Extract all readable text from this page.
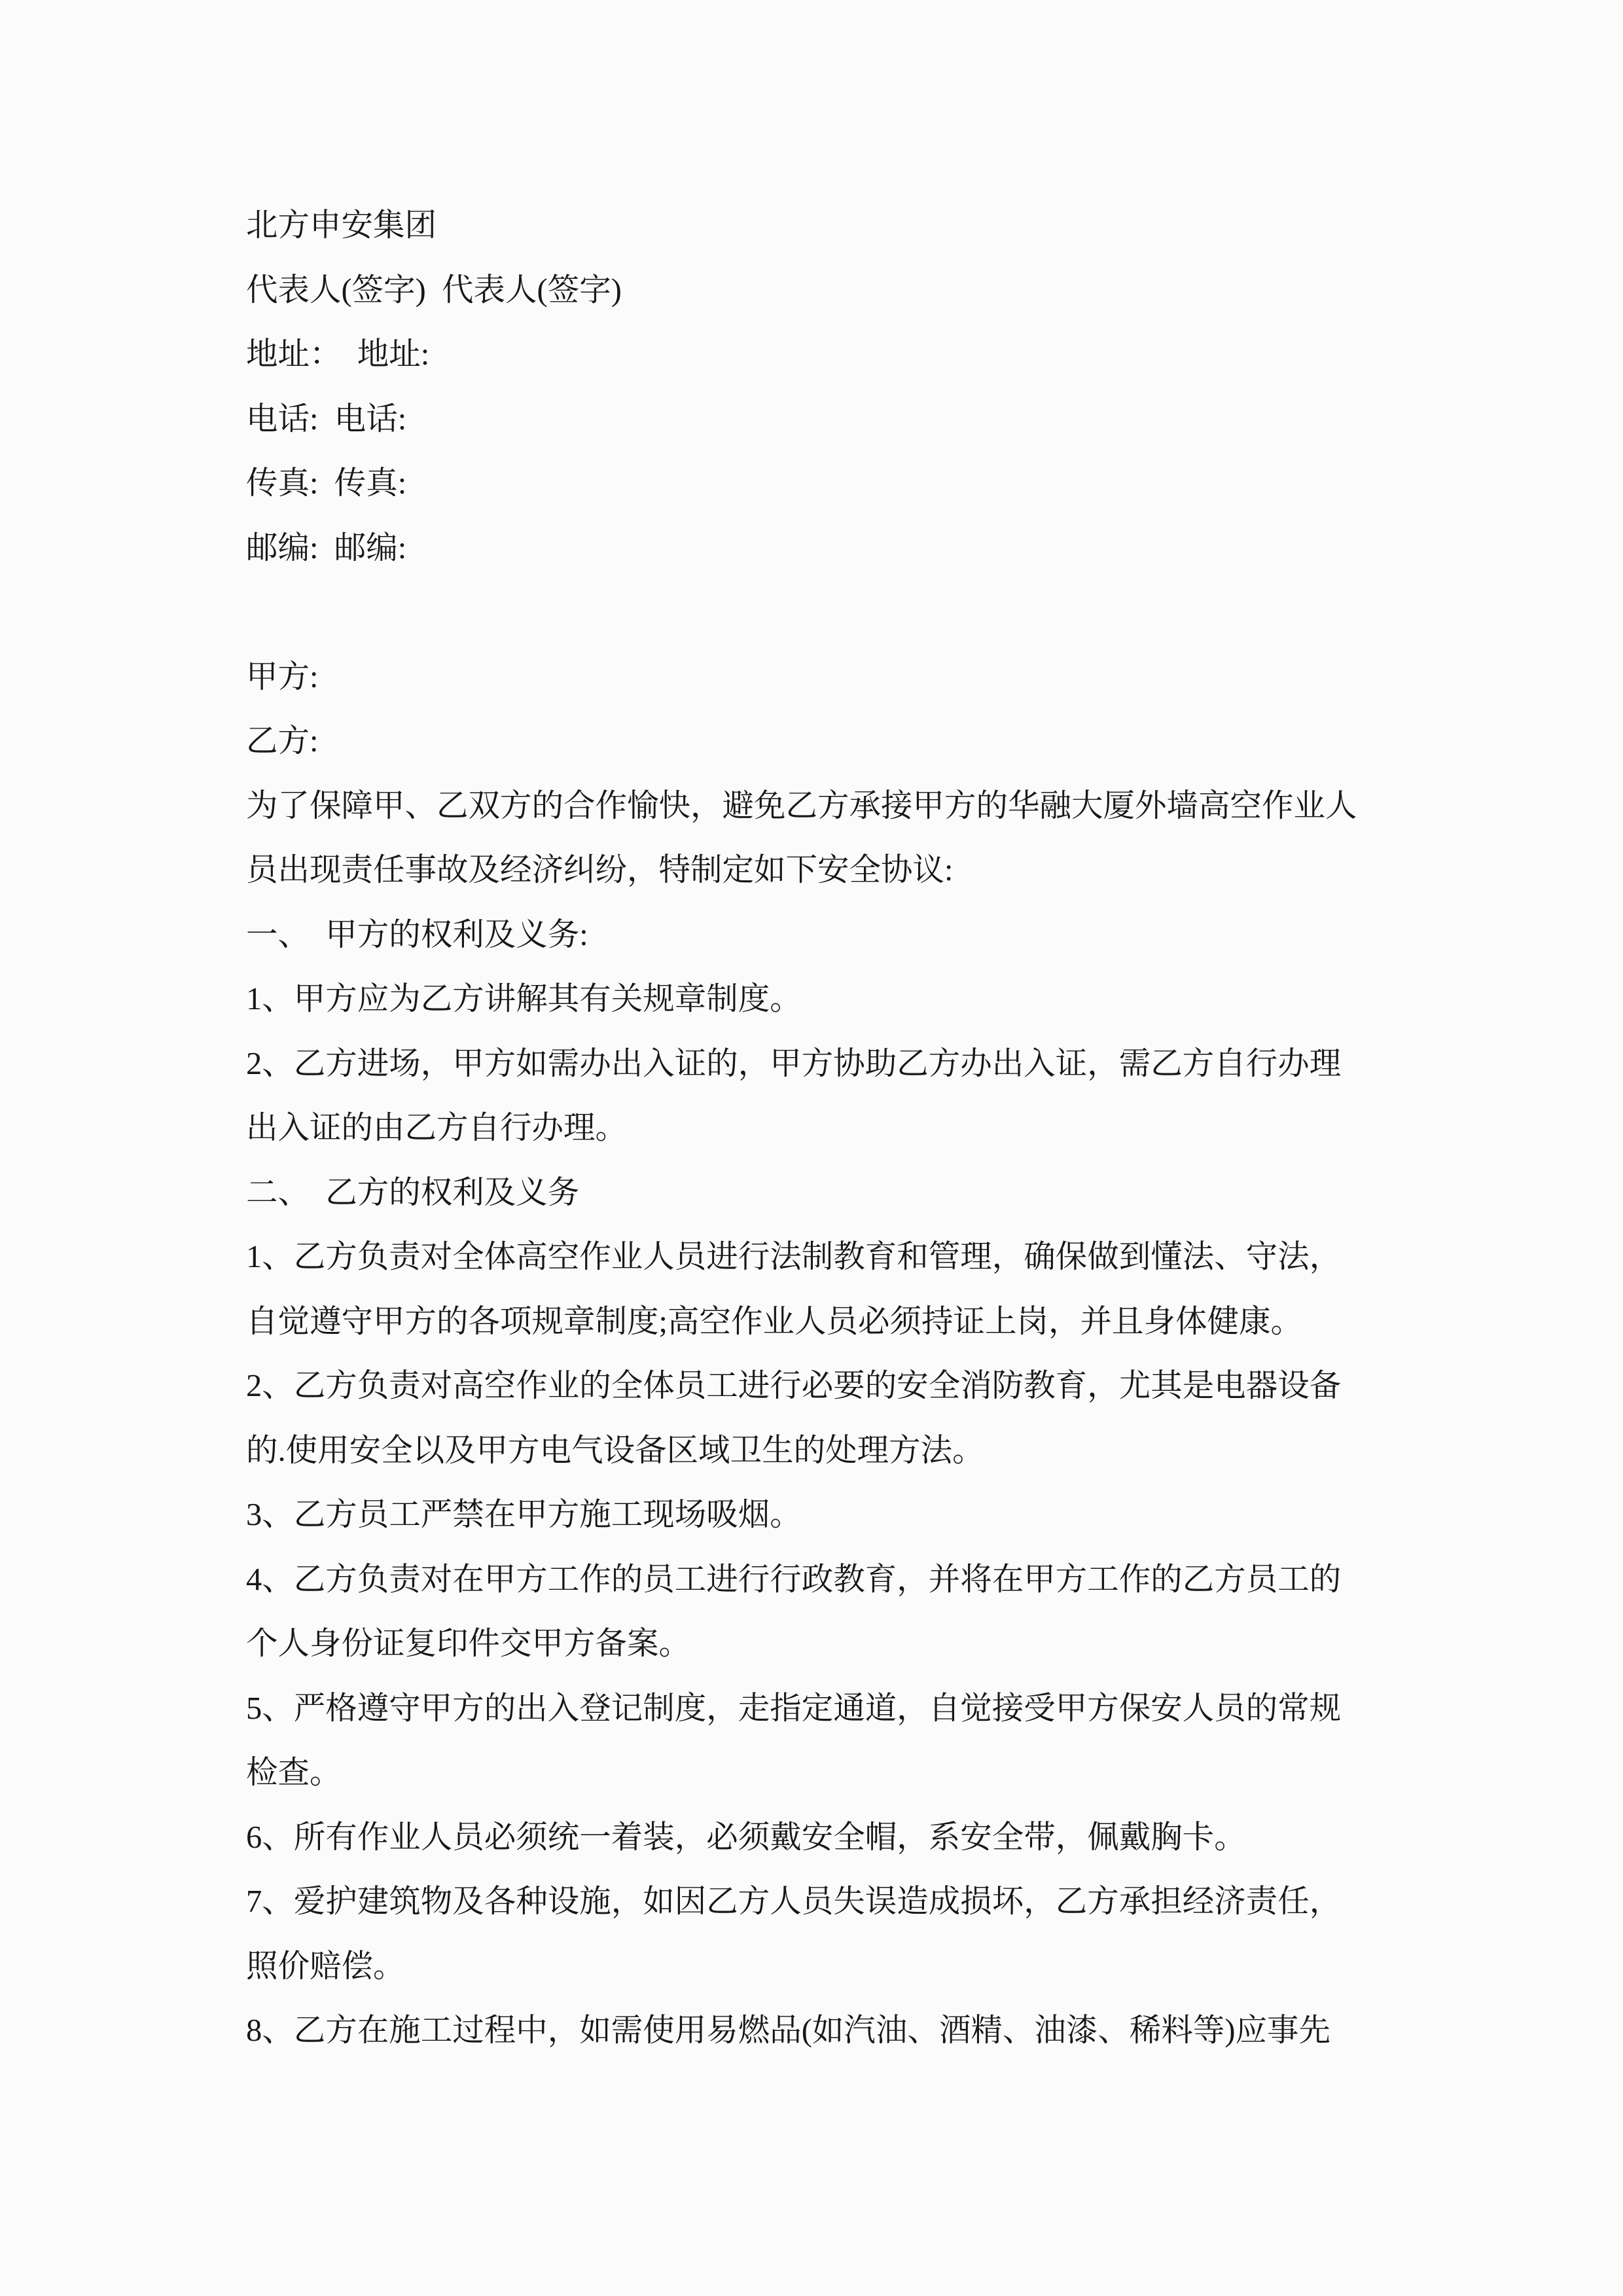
北方申安集团
代表人(签字)  代表人(签字)
地址：  地址:
电话:  电话:
传真:  传真:
邮编:  邮编:
甲方:
乙方:
为了保障甲、乙双方的合作愉快，避免乙方承接甲方的华融大厦外墙高空作业人
员出现责任事故及经济纠纷，特制定如下安全协议:
一、  甲方的权利及义务:
1、甲方应为乙方讲解其有关规章制度。
2、乙方进场，甲方如需办出入证的，甲方协助乙方办出入证，需乙方自行办理
出入证的由乙方自行办理。
二、  乙方的权利及义务
1、乙方负责对全体高空作业人员进行法制教育和管理，确保做到懂法、守法，
自觉遵守甲方的各项规章制度;高空作业人员必须持证上岗，并且身体健康。
2、乙方负责对高空作业的全体员工进行必要的安全消防教育，尤其是电器设备
的.使用安全以及甲方电气设备区域卫生的处理方法。
3、乙方员工严禁在甲方施工现场吸烟。
4、乙方负责对在甲方工作的员工进行行政教育，并将在甲方工作的乙方员工的
个人身份证复印件交甲方备案。
5、严格遵守甲方的出入登记制度，走指定通道，自觉接受甲方保安人员的常规
检查。
6、所有作业人员必须统一着装，必须戴安全帽，系安全带，佩戴胸卡。
7、爱护建筑物及各种设施，如因乙方人员失误造成损坏，乙方承担经济责任，
照价赔偿。
8、乙方在施工过程中，如需使用易燃品(如汽油、酒精、油漆、稀料等)应事先
